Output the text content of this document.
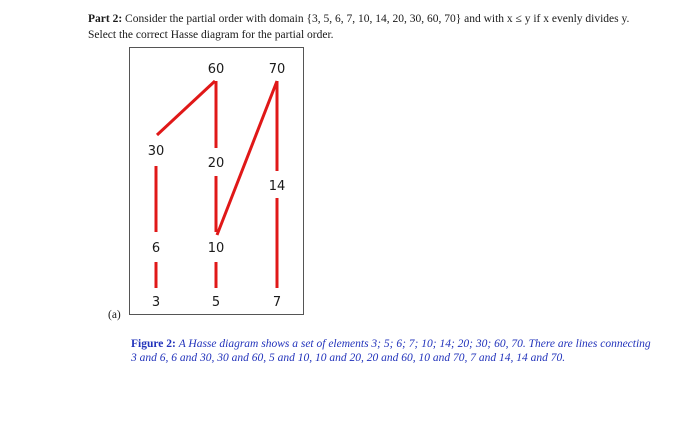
Part 2: Consider the partial order with domain {3, 5, 6, 7, 10, 14, 20, 30, 60, 70} and with x ≤ y if x evenly divides y. Select the correct Hasse diagram for the partial order.
60	70
30
20
14
6	10
3	5	7
(a)
Figure 2: A Hasse diagram shows a set of elements 3; 5; 6; 7; 10; 14; 20; 30; 60, 70. There are lines connecting 3 and 6, 6 and 30, 30 and 60, 5 and 10, 10 and 20, 20 and 60, 10 and 70, 7 and 14, 14 and 70.
